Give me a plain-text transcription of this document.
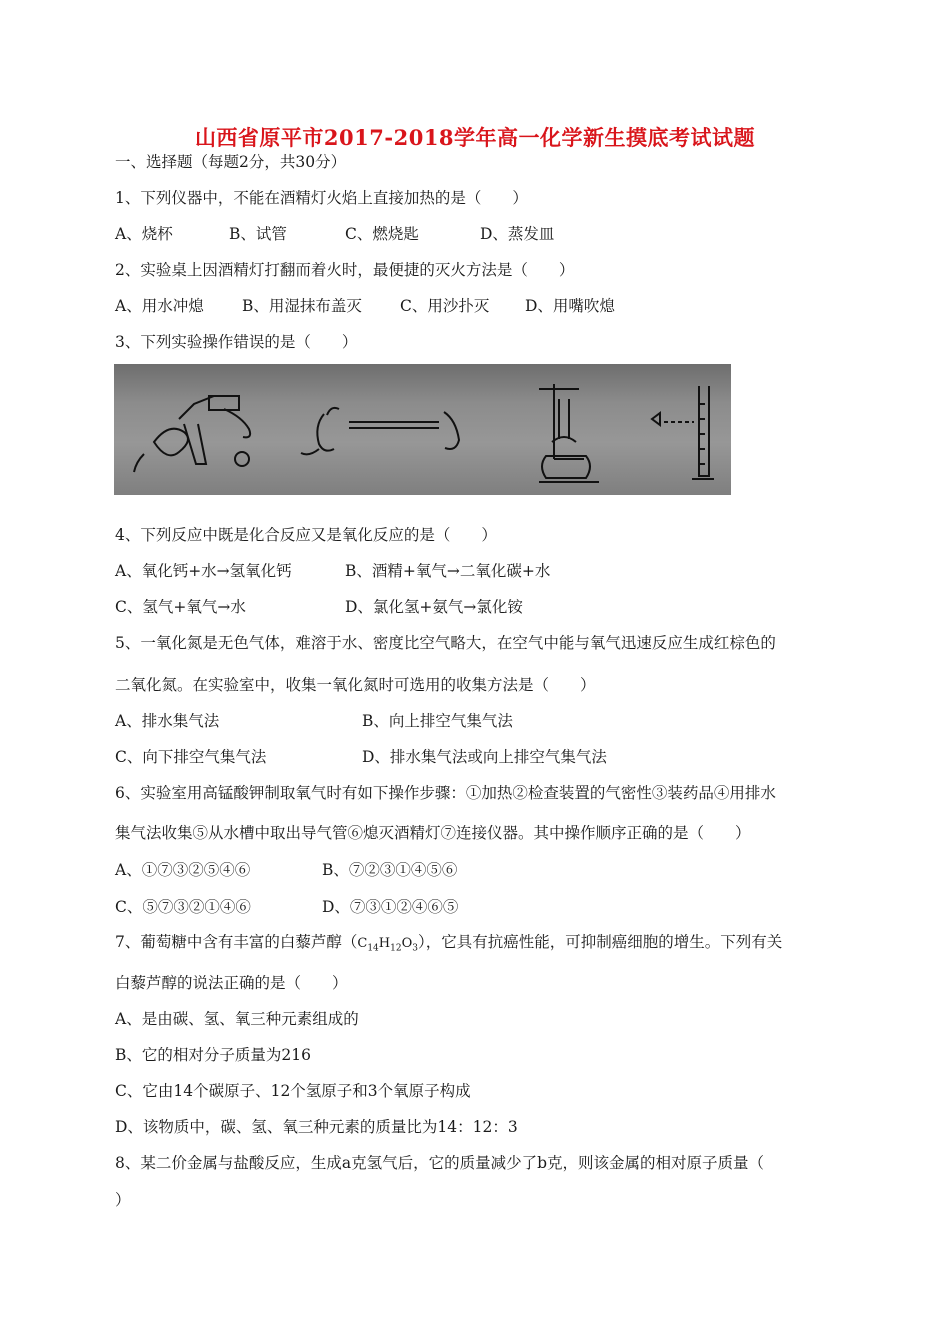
山西省原平市2017-2018学年高一化学新生摸底考试试题
一、选择题（每题2分，共30分）
1、下列仪器中，不能在酒精灯火焰上直接加热的是（　　）
A、烧杯	B、试管	C、燃烧匙	D、蒸发皿
2、实验桌上因酒精灯打翻而着火时，最便捷的灭火方法是（　　）
A、用水冲熄 B、用湿抹布盖灭 C、用沙扑灭 D、用嘴吹熄
3、下列实验操作错误的是（　　）
4、下列反应中既是化合反应又是氧化反应的是（　　）
A、氧化钙+水→氢氧化钙	B、酒精+氧气→二氧化碳+水
C、氢气+氧气→水	D、氯化氢+氨气→氯化铵
5、一氧化氮是无色气体，难溶于水、密度比空气略大，在空气中能与氧气迅速反应生成红棕色的
二氧化氮。在实验室中，收集一氧化氮时可选用的收集方法是（　　）
A、排水集气法	B、向上排空气集气法
C、向下排空气集气法	D、排水集气法或向上排空气集气法
6、实验室用高锰酸钾制取氧气时有如下操作步骤：①加热②检查装置的气密性③装药品④用排水
集气法收集⑤从水槽中取出导气管⑥熄灭酒精灯⑦连接仪器。其中操作顺序正确的是（　　）
A、①⑦③②⑤④⑥	B、⑦②③①④⑤⑥
C、⑤⑦③②①④⑥	D、⑦③①②④⑥⑤
7、葡萄糖中含有丰富的白藜芦醇$(C_{14}H_{12}O_3)$，它具有抗癌性能，可抑制癌细胞的增生。下列有关
白藜芦醇的说法正确的是（　　）
A、是由碳、氢、氧三种元素组成的
B、它的相对分子质量为216
C、它由14个碳原子、12个氢原子和3个氧原子构成
D、该物质中，碳、氢、氧三种元素的质量比为14：12：3
8、某二价金属与盐酸反应，生成a克氢气后，它的质量减少了b克，则该金属的相对原子质量（
）
